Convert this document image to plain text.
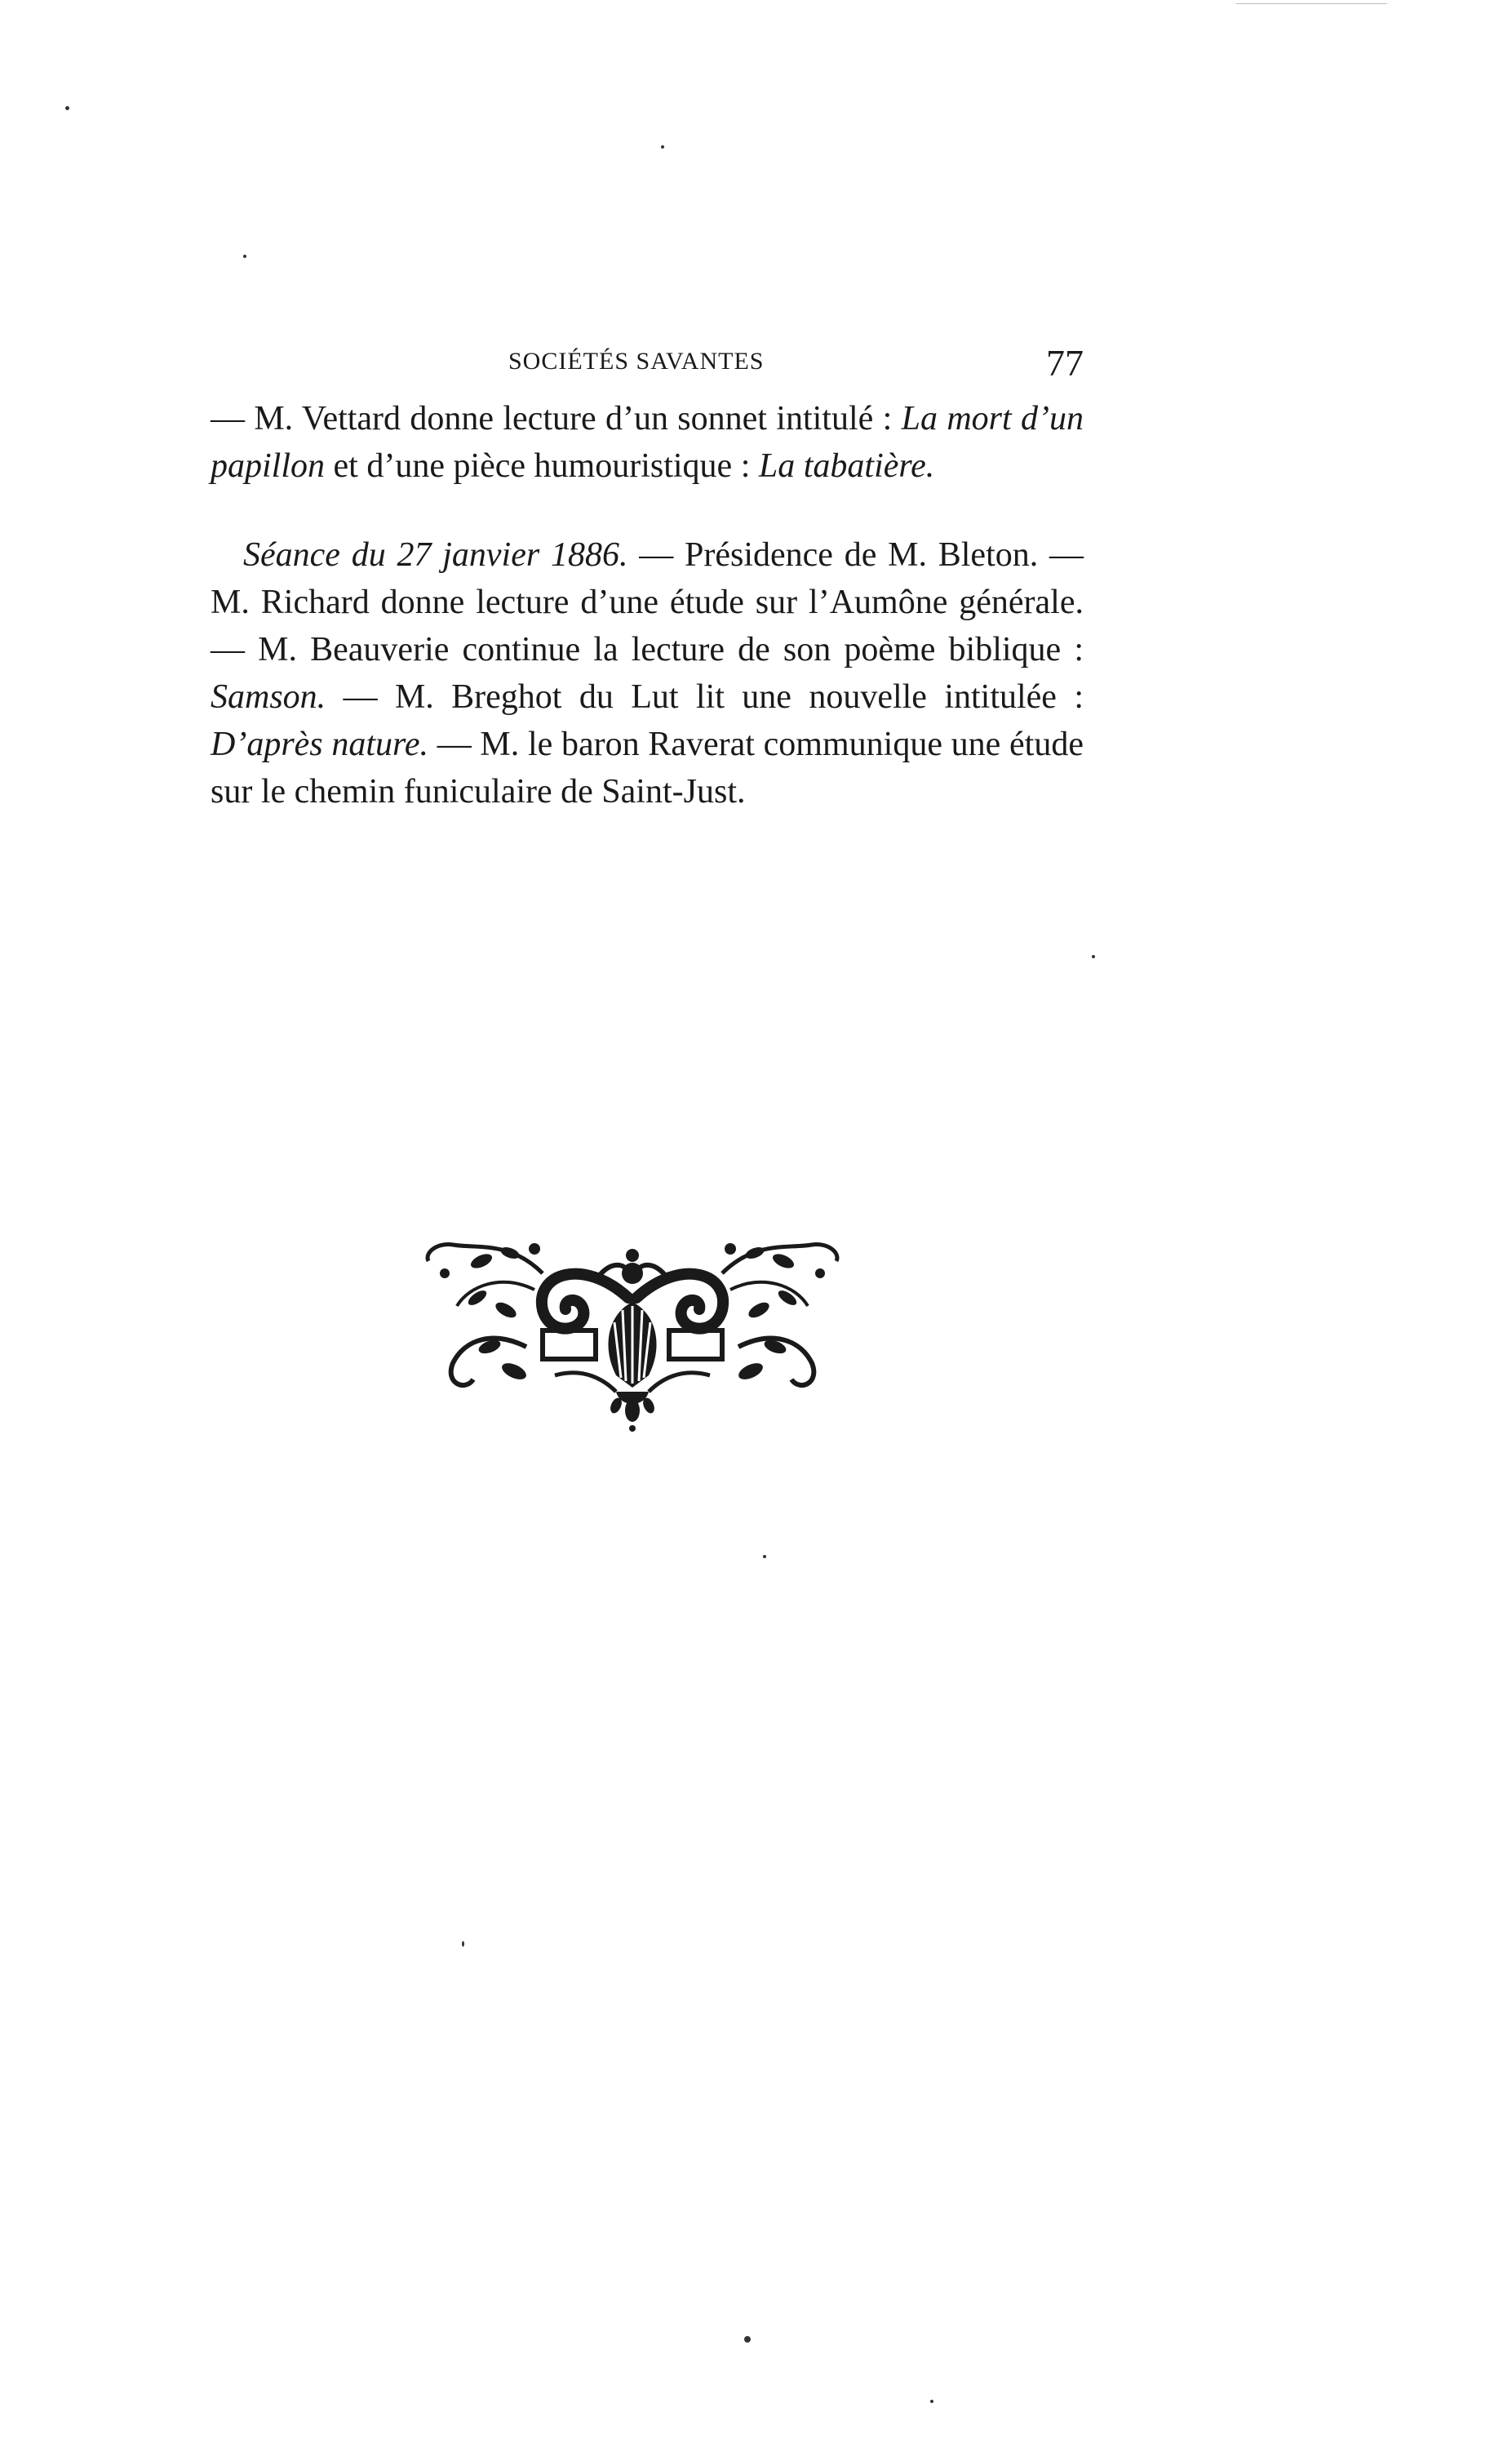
SOCIÉTÉS SAVANTES	77

— M. Vettard donne lecture d’un sonnet intitulé : La mort d’un papillon et d’une pièce humouristique : La tabatière.

Séance du 27 janvier 1886. — Présidence de M. Bleton. — M. Richard donne lecture d’une étude sur l’Aumône générale. — M. Beauverie continue la lecture de son poème biblique : Samson. — M. Breghot du Lut lit une nouvelle intitulée : D’après nature. — M. le baron Raverat communique une étude sur le chemin funiculaire de Saint-Just.
